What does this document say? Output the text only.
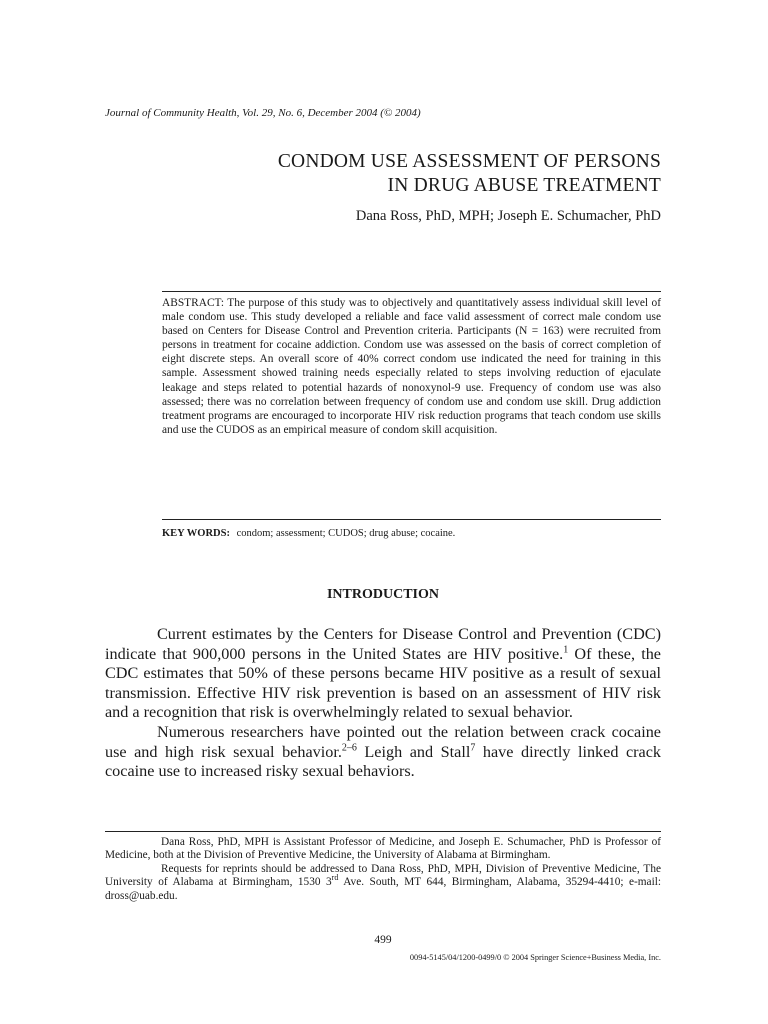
Journal of Community Health, Vol. 29, No. 6, December 2004 (© 2004)
CONDOM USE ASSESSMENT OF PERSONS
IN DRUG ABUSE TREATMENT
Dana Ross, PhD, MPH; Joseph E. Schumacher, PhD
ABSTRACT: The purpose of this study was to objectively and quantitatively assess individual skill level of male condom use. This study developed a reliable and face valid assessment of correct male condom use based on Centers for Disease Control and Prevention criteria. Participants (N = 163) were recruited from persons in treatment for cocaine addiction. Condom use was assessed on the basis of correct completion of eight discrete steps. An overall score of 40% correct condom use indicated the need for training in this sample. Assessment showed training needs especially related to steps involving reduction of ejaculate leakage and steps related to potential hazards of nonoxynol-9 use. Frequency of condom use was also assessed; there was no correlation between frequency of condom use and condom use skill. Drug addiction treatment programs are encouraged to incorporate HIV risk reduction programs that teach condom use skills and use the CUDOS as an empirical measure of condom skill acquisition.
KEY WORDS: condom; assessment; CUDOS; drug abuse; cocaine.
INTRODUCTION

Current estimates by the Centers for Disease Control and Prevention (CDC) indicate that 900,000 persons in the United States are HIV positive.$^1$ Of these, the CDC estimates that 50% of these persons became HIV positive as a result of sexual transmission. Effective HIV risk prevention is based on an assessment of HIV risk and a recognition that risk is overwhelmingly related to sexual behavior.

Numerous researchers have pointed out the relation between crack cocaine use and high risk sexual behavior.$^{2-6}$ Leigh and Stall$^7$ have directly linked crack cocaine use to increased risky sexual behaviors.

Dana Ross, PhD, MPH is Assistant Professor of Medicine, and Joseph E. Schumacher, PhD is Professor of Medicine, both at the Division of Preventive Medicine, the University of Alabama at Birmingham.

Requests for reprints should be addressed to Dana Ross, PhD, MPH, Division of Preventive Medicine, The University of Alabama at Birmingham, 1530 3rd Ave. South, MT 644, Birmingham, Alabama, 35294-4410; e-mail: dross@uab.edu.

499
0094-5145/04/1200-0499/0 © 2004 Springer Science+Business Media, Inc.
